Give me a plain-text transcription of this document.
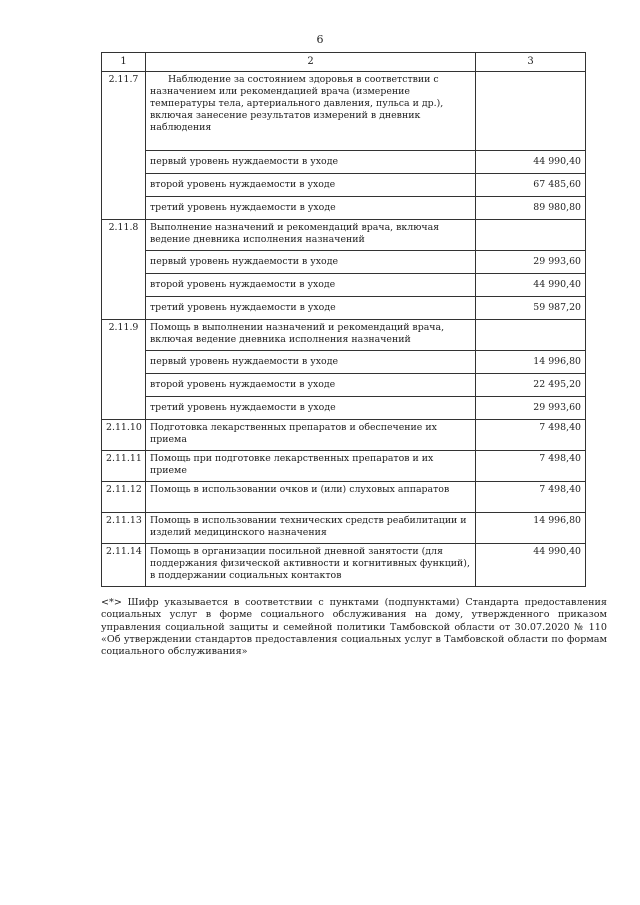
6
1	2	3
2.11.7	Наблюдение за состоянием здоровья в соответствии с назначением или рекомендацией врача (измерение температуры тела, артериального давления, пульса и др.), включая занесение результатов измерений в дневник наблюдения	
	первый уровень нуждаемости в уходе	44 990,40
	второй уровень нуждаемости в уходе	67 485,60
	третий уровень нуждаемости в уходе	89 980,80
2.11.8	Выполнение назначений и рекомендаций врача, включая ведение дневника исполнения назначений	
	первый уровень нуждаемости в уходе	29 993,60
	второй уровень нуждаемости в уходе	44 990,40
	третий уровень нуждаемости в уходе	59 987,20
2.11.9	Помощь в выполнении назначений и рекомендаций врача, включая ведение дневника исполнения назначений	
	первый уровень нуждаемости в уходе	14 996,80
	второй уровень нуждаемости в уходе	22 495,20
	третий уровень нуждаемости в уходе	29 993,60
2.11.10	Подготовка лекарственных препаратов и обеспечение их приема	7 498,40
2.11.11	Помощь при подготовке лекарственных препаратов и их приеме	7 498,40
2.11.12	Помощь в использовании очков и (или) слуховых аппаратов	7 498,40
2.11.13	Помощь в использовании технических средств реабилитации и изделий медицинского назначения	14 996,80
2.11.14	Помощь в организации посильной дневной занятости (для поддержания физической активности и когнитивных функций), в поддержании социальных контактов	44 990,40
<*> Шифр указывается в соответствии с пунктами (подпунктами) Стандарта предоставления социальных услуг в форме социального обслуживания на дому, утвержденного приказом управления социальной защиты и семейной политики Тамбовской области от 30.07.2020 № 110 «Об утверждении стандартов предоставления социальных услуг в Тамбовской области по формам социального обслуживания»
